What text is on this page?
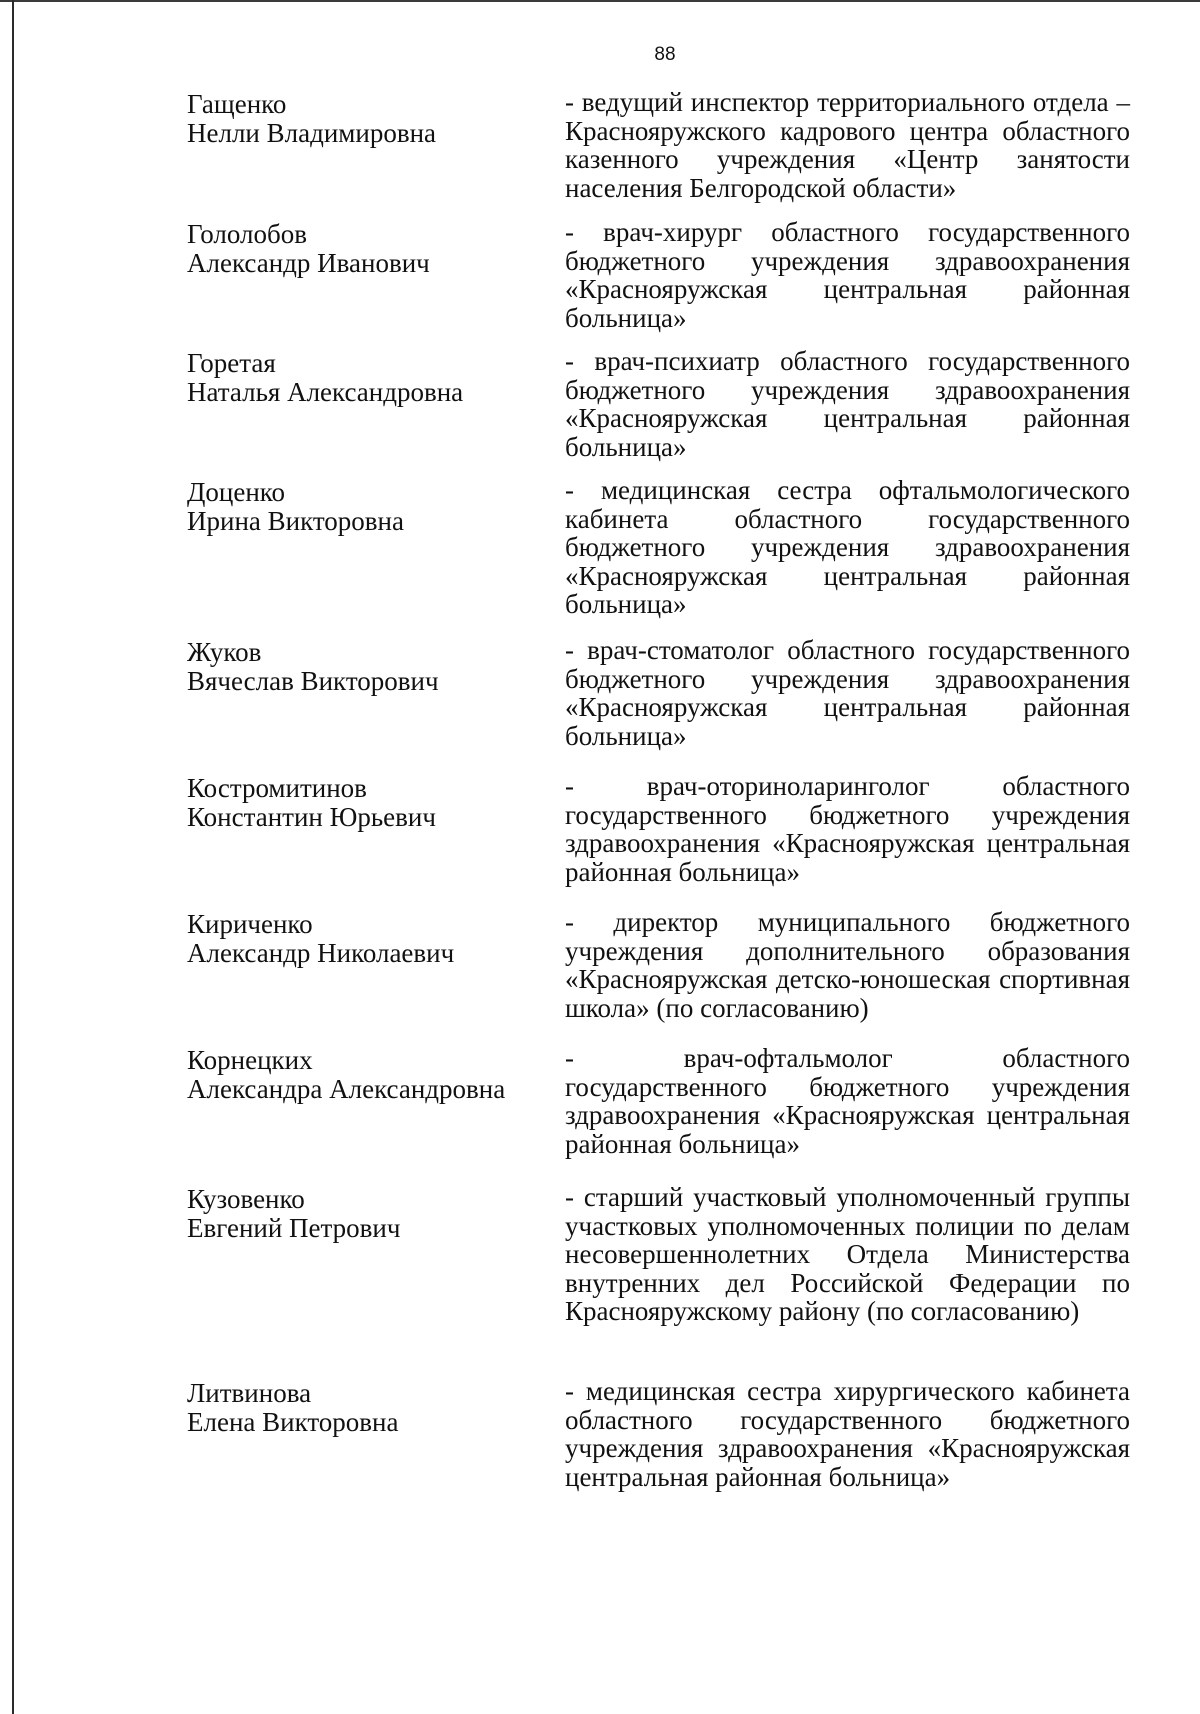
88
Гащенко
Нелли Владимировна
- ведущий инспектор территориального отдела – Краснояружского кадрового центра областного казенного учреждения «Центр занятости населения Белгородской области»
Гололобов
Александр Иванович
- врач-хирург областного государственного бюджетного учреждения здравоохранения «Краснояружская центральная районная больница»
Горетая
Наталья Александровна
- врач-психиатр областного государственного бюджетного учреждения здравоохранения «Краснояружская центральная районная больница»
Доценко
Ирина Викторовна
- медицинская сестра офтальмологического кабинета областного государственного бюджетного учреждения здравоохранения «Краснояружская центральная районная больница»
Жуков
Вячеслав Викторович
- врач-стоматолог областного государственного бюджетного учреждения здравоохранения «Краснояружская центральная районная больница»
Костромитинов
Константин Юрьевич
- врач-оториноларинголог областного государственного бюджетного учреждения здравоохранения «Краснояружская центральная районная больница»
Кириченко
Александр Николаевич
- директор муниципального бюджетного учреждения дополнительного образования «Краснояружская детско-юношеская спортивная школа» (по согласованию)
Корнецких
Александра Александровна
- врач-офтальмолог областного государственного бюджетного учреждения здравоохранения «Краснояружская центральная районная больница»
Кузовенко
Евгений Петрович
- старший участковый уполномоченный группы участковых уполномоченных полиции по делам несовершеннолетних Отдела Министерства внутренних дел Российской Федерации по Краснояружскому району (по согласованию)
Литвинова
Елена Викторовна
- медицинская сестра хирургического кабинета областного государственного бюджетного учреждения здравоохранения «Краснояружская центральная районная больница»
